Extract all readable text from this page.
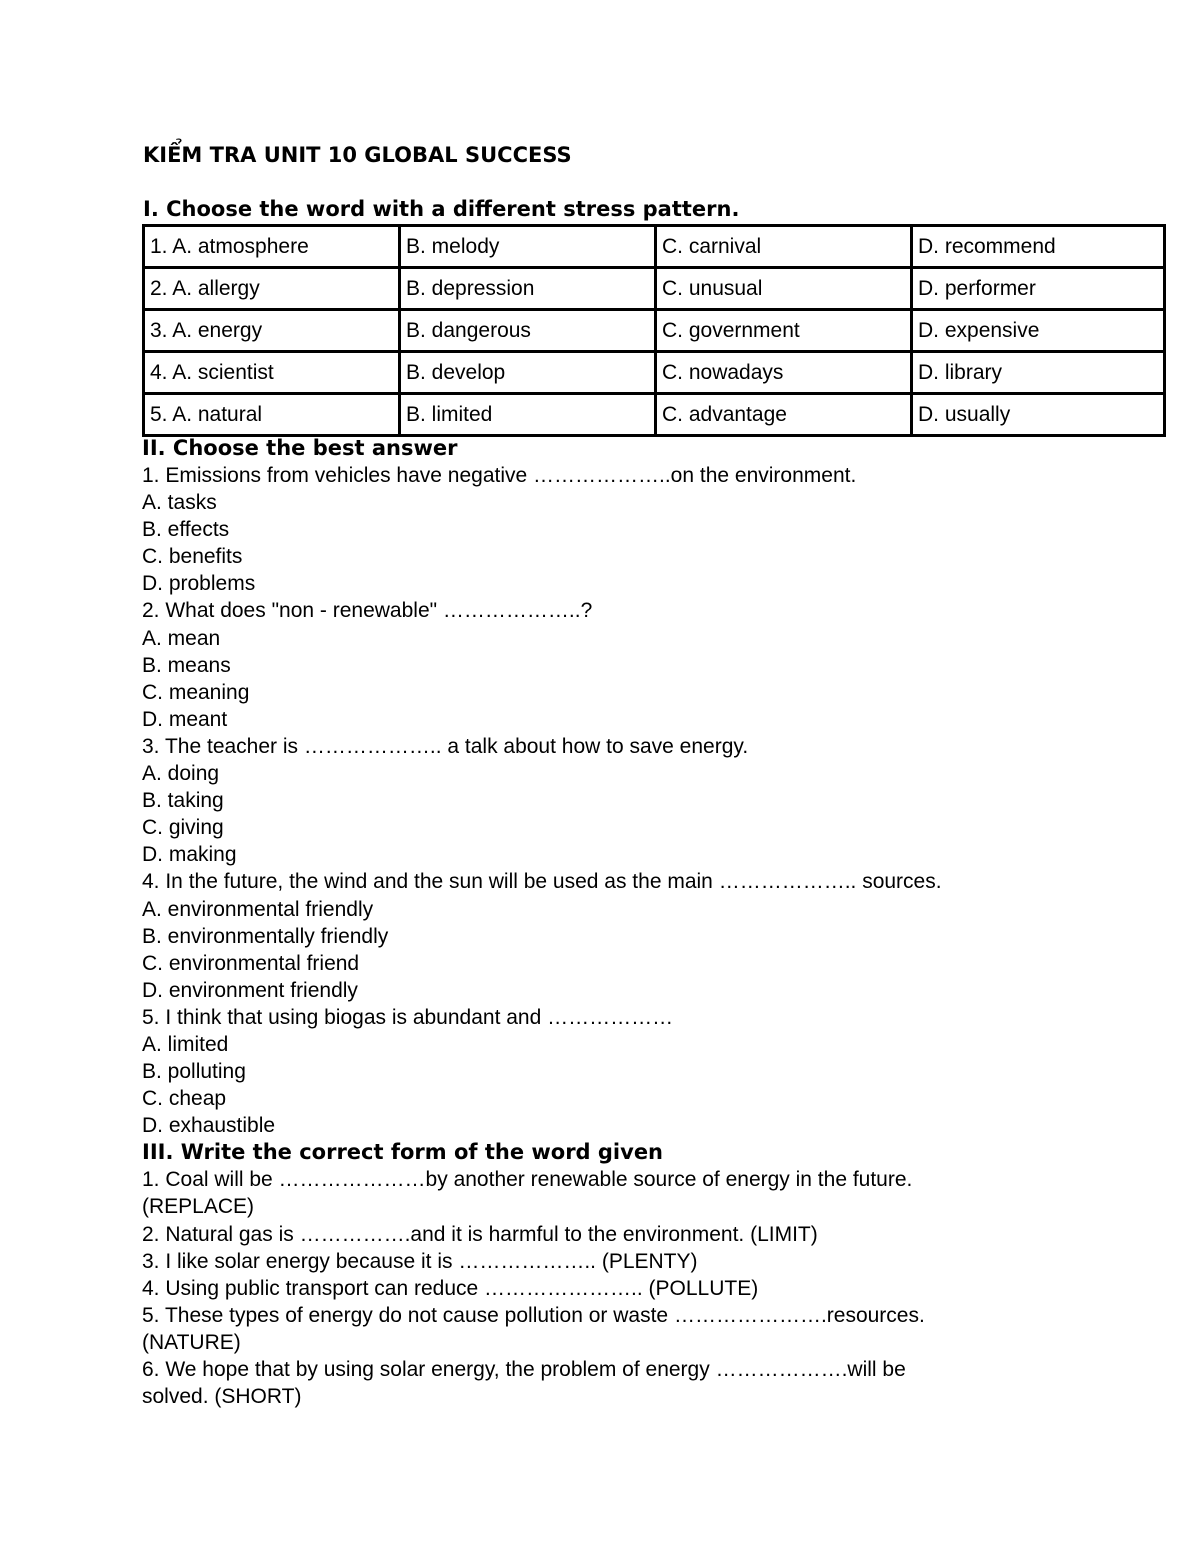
KIỂM TRA UNIT 10 GLOBAL SUCCESS
I. Choose the word with a different stress pattern.
1. A. atmosphere	B. melody	C. carnival	D. recommend
2. A. allergy	B. depression	C. unusual	D. performer
3. A. energy	B. dangerous	C. government	D. expensive
4. A. scientist	B. develop	C. nowadays	D. library
5. A. natural	B. limited	C. advantage	D. usually
II. Choose the best answer
1. Emissions from vehicles have negative ………………..on the environment.
A. tasks
B. effects
C. benefits
D. problems
2. What does "non - renewable" ………………..?
A. mean
B. means
C. meaning
D. meant
3. The teacher is ……………….. a talk about how to save energy.
A. doing
B. taking
C. giving
D. making
4. In the future, the wind and the sun will be used as the main ……………….. sources.
A. environmental friendly
B. environmentally friendly
C. environmental friend
D. environment friendly
5. I think that using biogas is abundant and ………………
A. limited
B. polluting
C. cheap
D. exhaustible
III. Write the correct form of the word given
1. Coal will be …………………by another renewable source of energy in the future.
(REPLACE)
2. Natural gas is …………….and it is harmful to the environment. (LIMIT)
3. I like solar energy because it is ……………….. (PLENTY)
4. Using public transport can reduce ………………….. (POLLUTE)
5. These types of energy do not cause pollution or waste ………………….resources.
(NATURE)
6. We hope that by using solar energy, the problem of energy ……………….will be
solved. (SHORT)
